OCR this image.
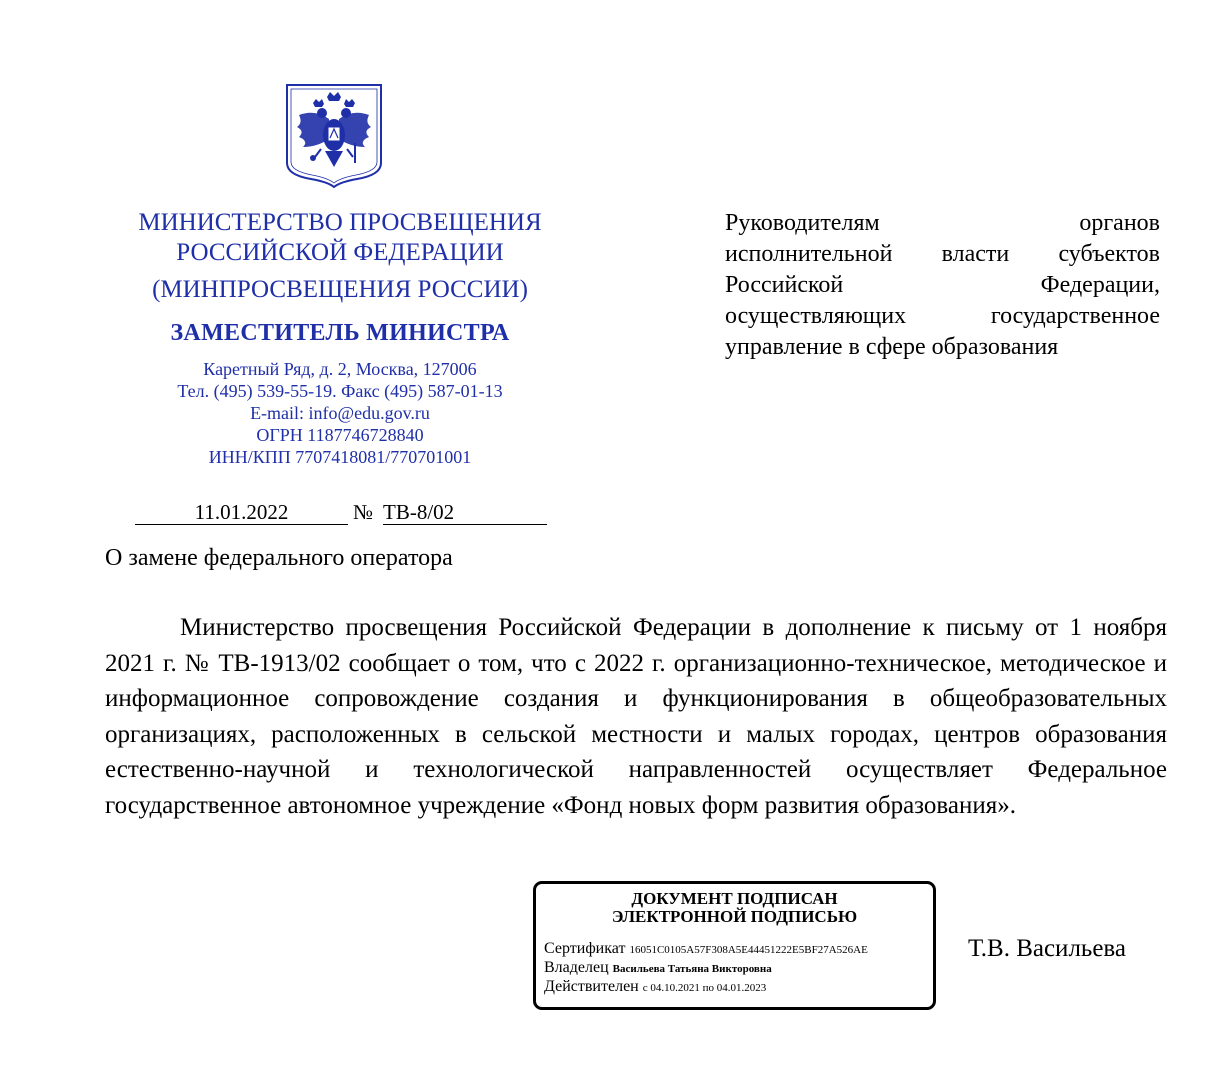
МИНИСТЕРСТВО ПРОСВЕЩЕНИЯ
РОССИЙСКОЙ ФЕДЕРАЦИИ
(МИНПРОСВЕЩЕНИЯ РОССИИ)
ЗАМЕСТИТЕЛЬ МИНИСТРА
Каретный Ряд, д. 2, Москва, 127006
Тел. (495) 539-55-19. Факс (495) 587-01-13
E-mail: info@edu.gov.ru
ОГРН 1187746728840
ИНН/КПП 7707418081/770701001
11.01.2022	№ ТВ-8/02
Руководителям органов
исполнительной власти субъектов
Российской Федерации,
осуществляющих государственное
управление в сфере образования
О замене федерального оператора
Министерство просвещения Российской Федерации в дополнение к письму от 1 ноября 2021 г. № ТВ-1913/02 сообщает о том, что с 2022 г. организационно-техническое, методическое и информационное сопровождение создания и функционирования в общеобразовательных организациях, расположенных в сельской местности и малых городах, центров образования естественно-научной и технологической направленностей осуществляет Федеральное государственное автономное учреждение «Фонд новых форм развития образования».
ДОКУМЕНТ ПОДПИСАН
ЭЛЕКТРОННОЙ ПОДПИСЬЮ
Сертификат 16051C0105A57F308A5E44451222E5BF27A526AE
Владелец Васильева Татьяна Викторовна
Действителен с 04.10.2021 по 04.01.2023
Т.В. Васильева
